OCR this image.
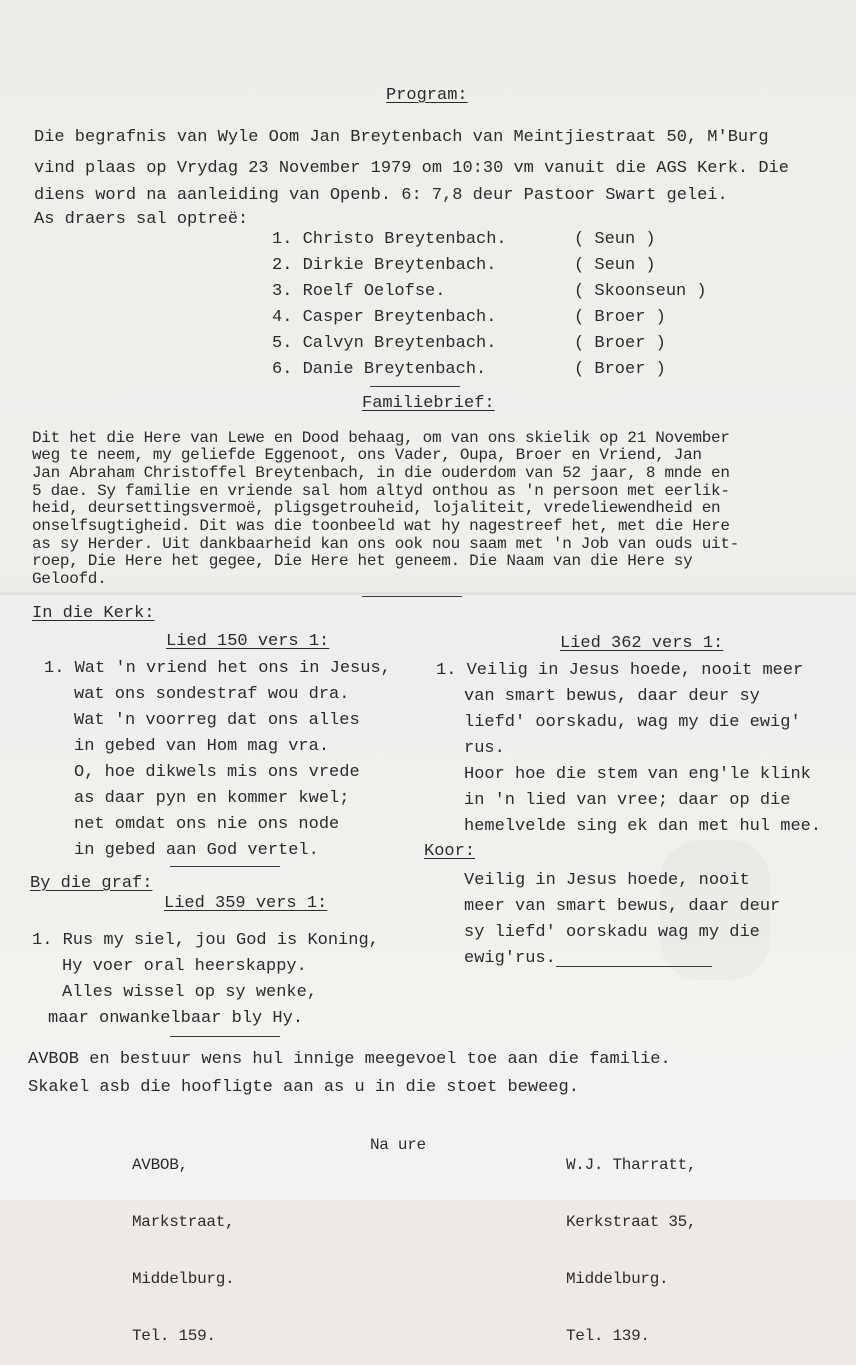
Program:
Die begrafnis van Wyle Oom Jan Breytenbach van Meintjiestraat 50, M'Burg
vind plaas op Vrydag 23 November 1979 om 10:30 vm vanuit die AGS Kerk. Die
diens word na aanleiding van Openb. 6: 7,8 deur Pastoor Swart gelei.
As draers sal optreë:
1. Christo Breytenbach.	( Seun )
2. Dirkie Breytenbach.	( Seun )
3. Roelf Oelofse.	( Skoonseun )
4. Casper Breytenbach.	( Broer )
5. Calvyn Breytenbach.	( Broer )
6. Danie Breytenbach.	( Broer )
Familiebrief:
Dit het die Here van Lewe en Dood behaag, om van ons skielik op 21 November
weg te neem, my geliefde Eggenoot, ons Vader, Oupa, Broer en Vriend, Jan
Jan Abraham Christoffel Breytenbach, in die ouderdom van 52 jaar, 8 mnde en
5 dae. Sy familie en vriende sal hom altyd onthou as 'n persoon met eerlik-
heid, deursettingsvermoë, pligsgetrouheid, lojaliteit, vredeliewendheid en
onselfsugtigheid. Dit was die toonbeeld wat hy nagestreef het, met die Here
as sy Herder. Uit dankbaarheid kan ons ook nou saam met 'n Job van ouds uit-
roep, Die Here het gegee, Die Here het geneem. Die Naam van die Here sy
Geloofd.
In die Kerk:
Lied 150 vers 1:
1. Wat 'n vriend het ons in Jesus,
wat ons sondestraf wou dra.
Wat 'n voorreg dat ons alles
in gebed van Hom mag vra.
O, hoe dikwels mis ons vrede
as daar pyn en kommer kwel;
net omdat ons nie ons node
in gebed aan God vertel.
Lied 362 vers 1:
1. Veilig in Jesus hoede, nooit meer
van smart bewus, daar deur sy
liefd' oorskadu, wag my die ewig'
rus.
Hoor hoe die stem van eng'le klink
in 'n lied van vree; daar op die
hemelvelde sing ek dan met hul mee.
Koor:
Veilig in Jesus hoede, nooit
meer van smart bewus, daar deur
sy liefd' oorskadu wag my die
ewig'rus.
By die graf:
Lied 359 vers 1:
1. Rus my siel, jou God is Koning,
Hy voer oral heerskappy.
Alles wissel op sy wenke,
maar onwankelbaar bly Hy.
AVBOB en bestuur wens hul innige meegevoel toe aan die familie.
Skakel asb die hoofligte aan as u in die stoet beweeg.

AVBOB,

Markstraat,

Middelburg.

Tel. 159.

Na ure

W.J. Tharratt,

Kerkstraat 35,

Middelburg.

Tel. 139.
